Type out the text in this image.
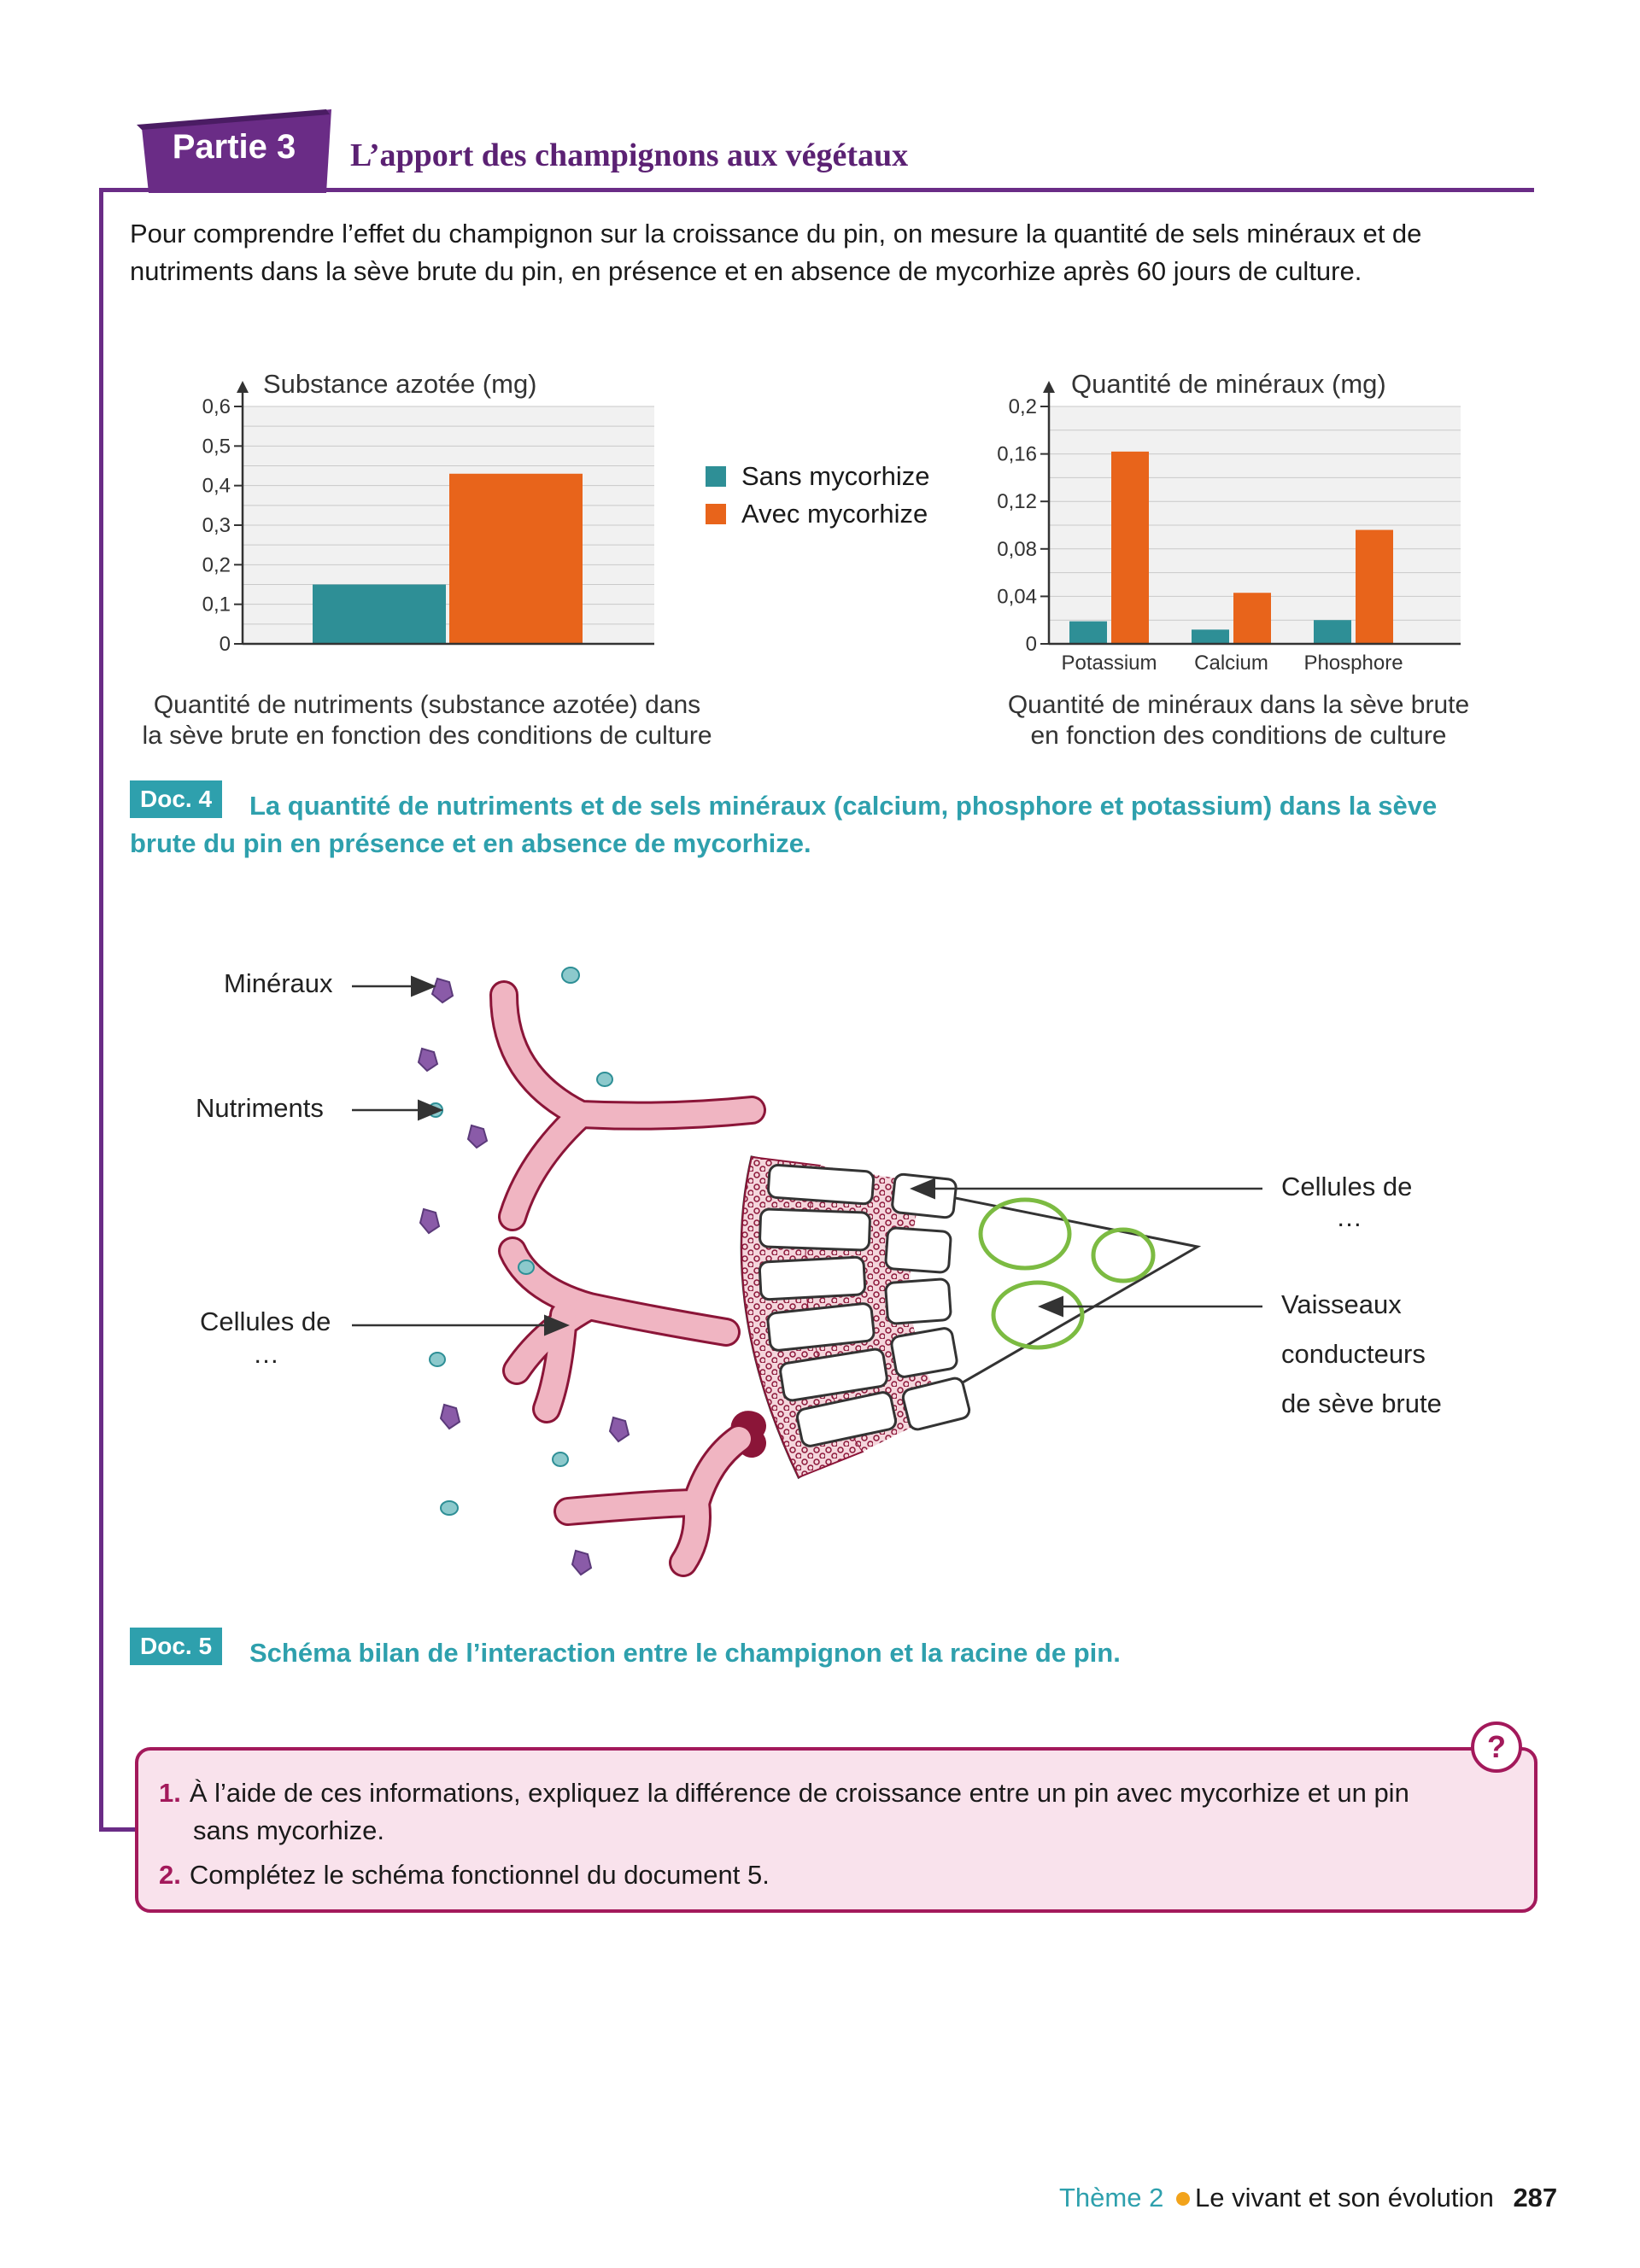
Partie 3	L’apport des champignons aux végétaux
Pour comprendre l’effet du champignon sur la croissance du pin, on mesure la quantité de sels minéraux et de nutriments dans la sève brute du pin, en présence et en absence de mycorhize après 60 jours de culture.
0
0,1
0,2
0,3
0,4
0,5
0,6
Substance azotée (mg)
Sans mycorhize
Avec mycorhize
0
0,04
0,08
0,12
0,16
0,2
Potassium Calcium Phosphore
Quantité de minéraux (mg)
Quantité de nutriments (substance azotée) dans
la sève brute en fonction des conditions de culture
Quantité de minéraux dans la sève brute
en fonction des conditions de culture
Doc. 4	La quantité de nutriments et de sels minéraux (calcium, phosphore et potassium) dans la sève
brute du pin en présence et en absence de mycorhize.
Minéraux
Nutriments
Cellules de
…
Cellules de
…
Vaisseaux
conducteurs
de sève brute
Doc. 5	Schéma bilan de l’interaction entre le champignon et la racine de pin.
1. À l’aide de ces informations, expliquez la différence de croissance entre un pin avec mycorhize et un pin
sans mycorhize.
2. Complétez le schéma fonctionnel du document 5.
?
Thème 2 Le vivant et son évolution 287
